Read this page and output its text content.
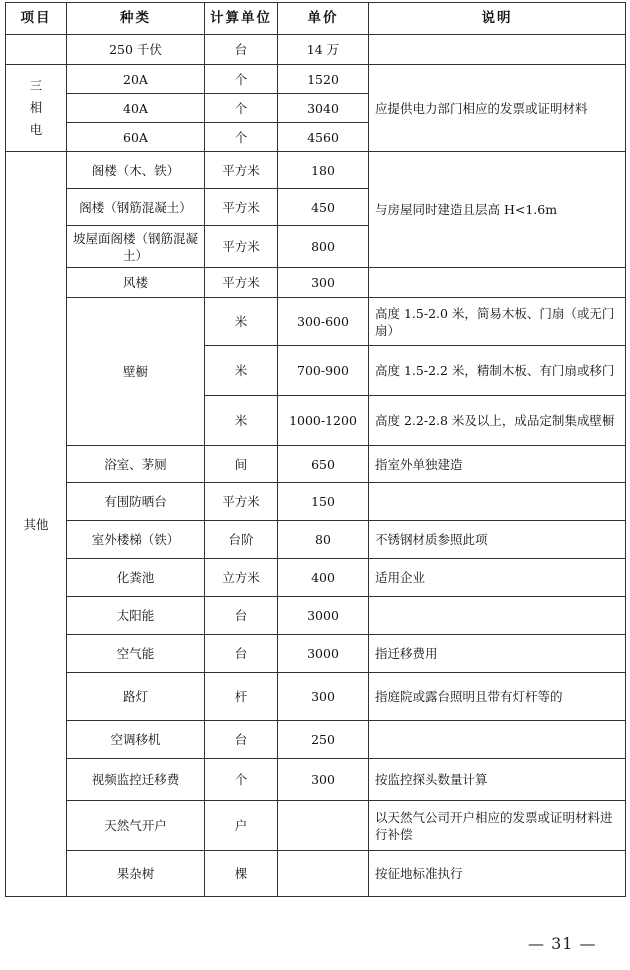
项目	种类	计算单位	单价	说明
	250 千伏	台	14 万	
三
相
电	20A	个	1520	应提供电力部门相应的发票或证明材料
	40A	个	3040	
	60A	个	4560	
其他	阁楼（木、铁）	平方米	180	与房屋同时建造且层高 H<1.6m
	阁楼（钢筋混凝土）	平方米	450	
	坡屋面阁楼（钢筋混凝土）	平方米	800	
	风楼	平方米	300	
	壁橱	米	300-600	高度 1.5-2.0 米，简易木板、门扇（或无门扇）
		米	700-900	高度 1.5-2.2 米，精制木板、有门扇或移门
		米	1000-1200	高度 2.2-2.8 米及以上，成品定制集成壁橱
	浴室、茅厕	间	650	指室外单独建造
	有围防晒台	平方米	150	
	室外楼梯（铁）	台阶	80	不锈钢材质参照此项
	化粪池	立方米	400	适用企业
	太阳能	台	3000	
	空气能	台	3000	指迁移费用
	路灯	杆	300	指庭院或露台照明且带有灯杆等的
	空调移机	台	250	
	视频监控迁移费	个	300	按监控探头数量计算
	天然气开户	户		以天然气公司开户相应的发票或证明材料进行补偿
	果杂树	棵		按征地标准执行
— 31 —
